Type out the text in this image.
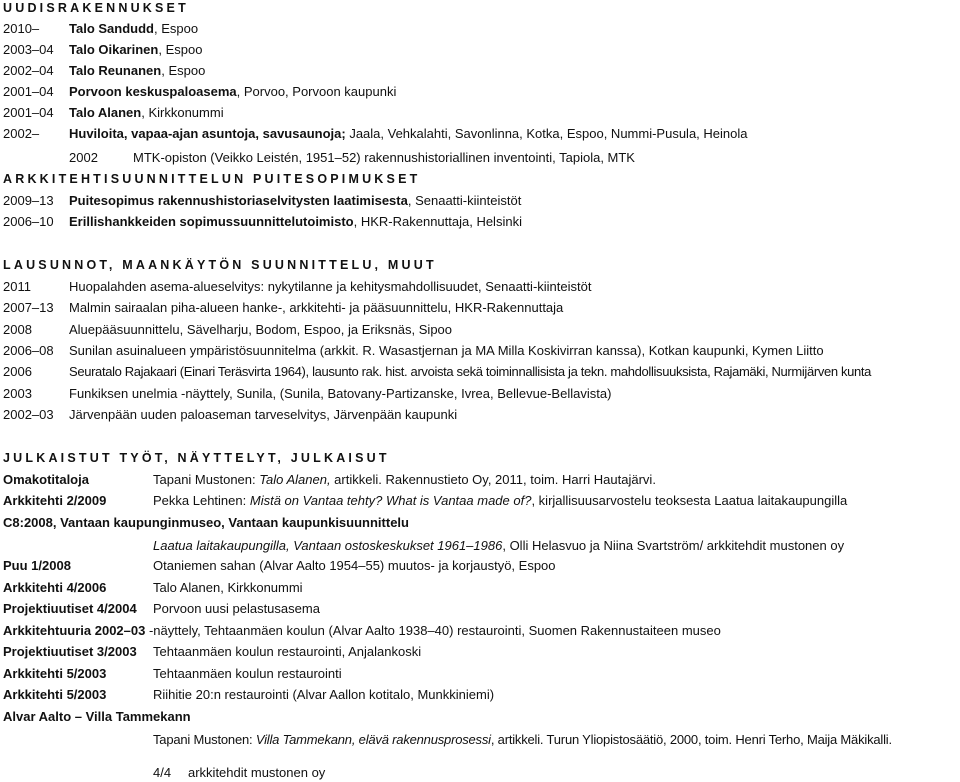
UUDISRAKENNUKSET
2010– Talo Sandudd, Espoo
2003–04 Talo Oikarinen, Espoo
2002–04 Talo Reunanen, Espoo
2001–04 Porvoon keskuspaloasema, Porvoo, Porvoon kaupunki
2001–04 Talo Alanen, Kirkkonummi
2002– Huviloita, vapaa-ajan asuntoja, savusaunoja; Jaala, Vehkalahti, Savonlinna, Kotka, Espoo, Nummi-Pusula, Heinola
2002	MTK-opiston (Veikko Leistén, 1951–52) rakennushistoriallinen inventointi, Tapiola, MTK
ARKKITEHTISUUNNITTELUN PUITESOPIMUKSET
2009–13 Puitesopimus rakennushistoriaselvitysten laatimisesta, Senaatti-kiinteistöt
2006–10 Erillishankkeiden sopimussuunnittelutoimisto, HKR-Rakennuttaja, Helsinki
LAUSUNNOT, MAANKÄYTÖN SUUNNITTELU, MUUT
2011	Huopalahden asema-alueselvitys: nykytilanne ja kehitysmahdollisuudet, Senaatti-kiinteistöt
2007–13 Malmin sairaalan piha-alueen hanke-, arkkitehti- ja pääsuunnittelu, HKR-Rakennuttaja
2008	Aluepääsuunnittelu, Sävelharju, Bodom, Espoo, ja Eriksnäs, Sipoo
2006–08 Sunilan asuinalueen ympäristösuunnitelma (arkkit. R. Wasastjernan ja MA Milla Koskivirran kanssa), Kotkan kaupunki, Kymen Liitto
2006	Seuratalo Rajakaari (Einari Teräsvirta 1964), lausunto rak. hist. arvoista sekä toiminnallisista ja tekn. mahdollisuuksista, Rajamäki, Nurmijärven kunta
2003	Funkiksen unelmia -näyttely, Sunila, (Sunila, Batovany-Partizanske, Ivrea, Bellevue-Bellavista)
2002–03 Järvenpään uuden paloaseman tarveselvitys, Järvenpään kaupunki
JULKAISTUT TYÖT, NÄYTTELYT, JULKAISUT
Omakotitaloja	Tapani Mustonen: Talo Alanen, artikkeli. Rakennustieto Oy, 2011, toim. Harri Hautajärvi.
Arkkitehti 2/2009	Pekka Lehtinen: Mistä on Vantaa tehty? What is Vantaa made of?, kirjallisuusarvostelu teoksesta Laatua laitakaupungilla
C8:2008, Vantaan kaupunginmuseo, Vantaan kaupunkisuunnittelu
Laatua laitakaupungilla, Vantaan ostoskeskukset 1961–1986, Olli Helasvuo ja Niina Svartström/ arkkitehdit mustonen oy
Puu 1/2008	Otaniemen sahan (Alvar Aalto 1954–55) muutos- ja korjaustyö, Espoo
Arkkitehti 4/2006	Talo Alanen, Kirkkonummi
Projektiuutiset 4/2004 Porvoon uusi pelastusasema
Arkkitehtuuria 2002–03 -näyttely, Tehtaanmäen koulun (Alvar Aalto 1938–40) restaurointi, Suomen Rakennustaiteen museo
Projektiuutiset 3/2003 Tehtaanmäen koulun restaurointi, Anjalankoski
Arkkitehti 5/2003	Tehtaanmäen koulun restaurointi
Arkkitehti 5/2003	Riihitie 20:n restaurointi (Alvar Aallon kotitalo, Munkkiniemi)
Alvar Aalto – Villa Tammekann
Tapani Mustonen: Villa Tammekann, elävä rakennusprosessi, artikkeli. Turun Yliopistosäätiö, 2000, toim. Henri Terho, Maija Mäkikalli.
4/4 arkkitehdit mustonen oy
